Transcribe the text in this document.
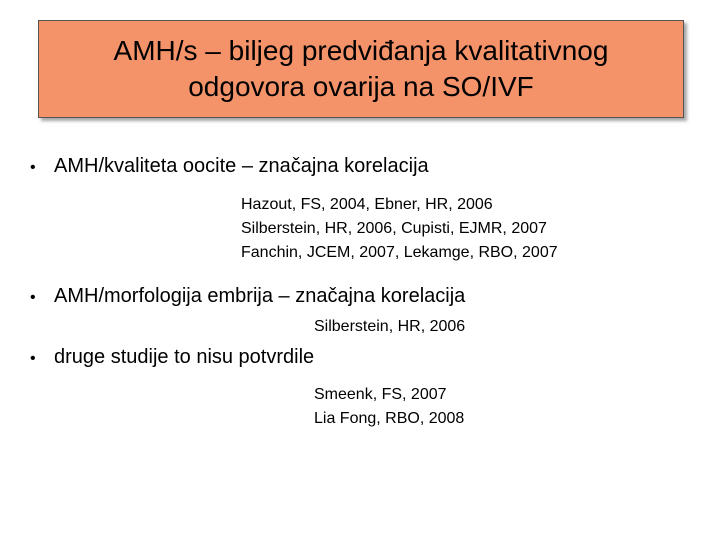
AMH/s – biljeg predviđanja kvalitativnog
odgovora ovarija na SO/IVF
• AMH/kvaliteta oocite – značajna korelacija
Hazout, FS, 2004, Ebner, HR, 2006
Silberstein, HR, 2006, Cupisti, EJMR, 2007
Fanchin, JCEM, 2007, Lekamge, RBO, 2007
• AMH/morfologija embrija – značajna korelacija
Silberstein, HR, 2006
• druge studije to nisu potvrdile
Smeenk, FS, 2007
Lia Fong, RBO, 2008
